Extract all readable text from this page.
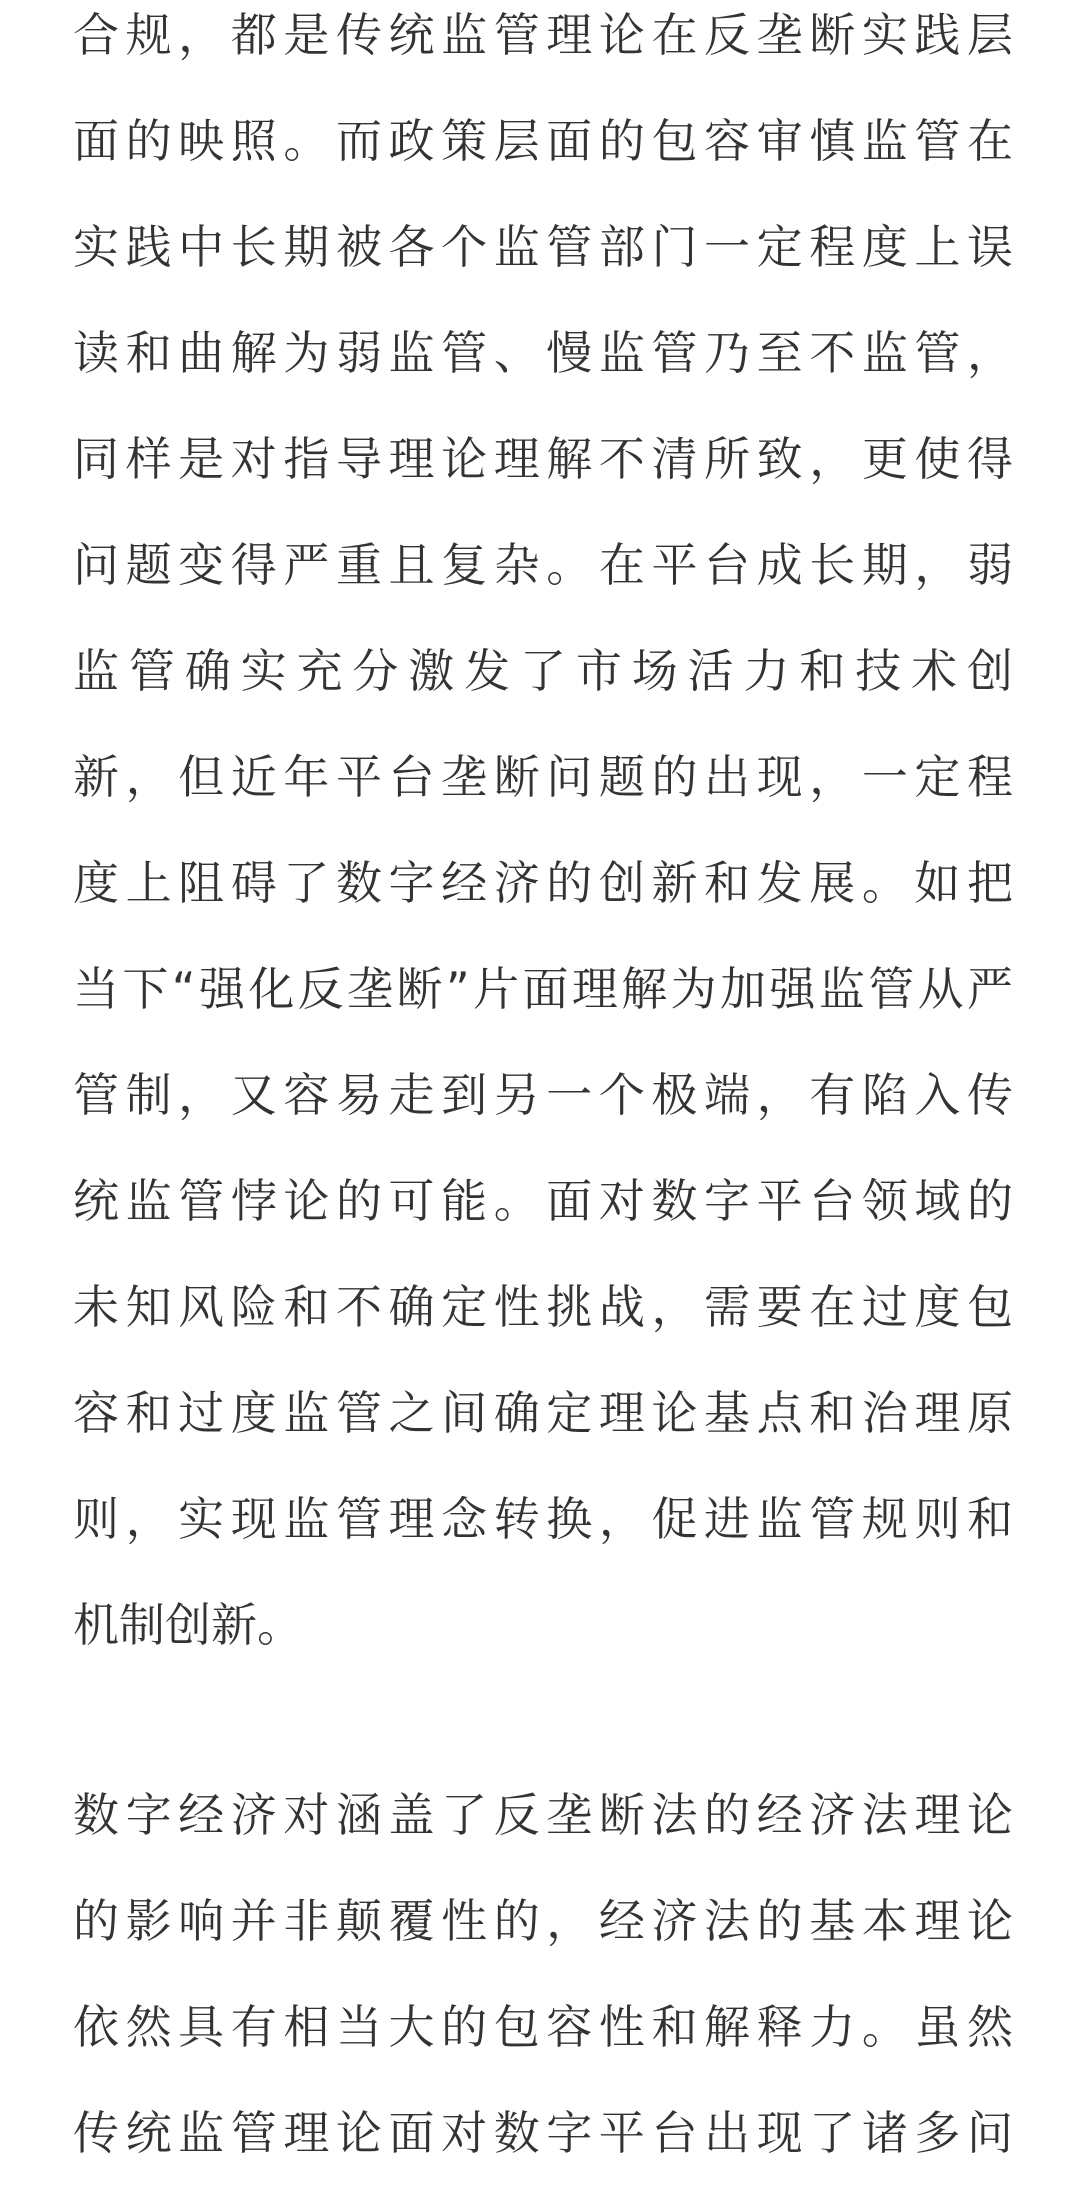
合规，都是传统监管理论在反垄断实践层
面的映照。而政策层面的包容审慎监管在
实践中长期被各个监管部门一定程度上误
读和曲解为弱监管、慢监管乃至不监管，
同样是对指导理论理解不清所致，更使得
问题变得严重且复杂。在平台成长期，弱
监管确实充分激发了市场活力和技术创
新，但近年平台垄断问题的出现，一定程
度上阻碍了数字经济的创新和发展。如把
当下“强化反垄断”片面理解为加强监管从严
管制，又容易走到另一个极端，有陷入传
统监管悖论的可能。面对数字平台领域的
未知风险和不确定性挑战，需要在过度包
容和过度监管之间确定理论基点和治理原
则，实现监管理念转换，促进监管规则和
机制创新。
数字经济对涵盖了反垄断法的经济法理论
的影响并非颠覆性的，经济法的基本理论
依然具有相当大的包容性和解释力。虽然
传统监管理论面对数字平台出现了诸多问
